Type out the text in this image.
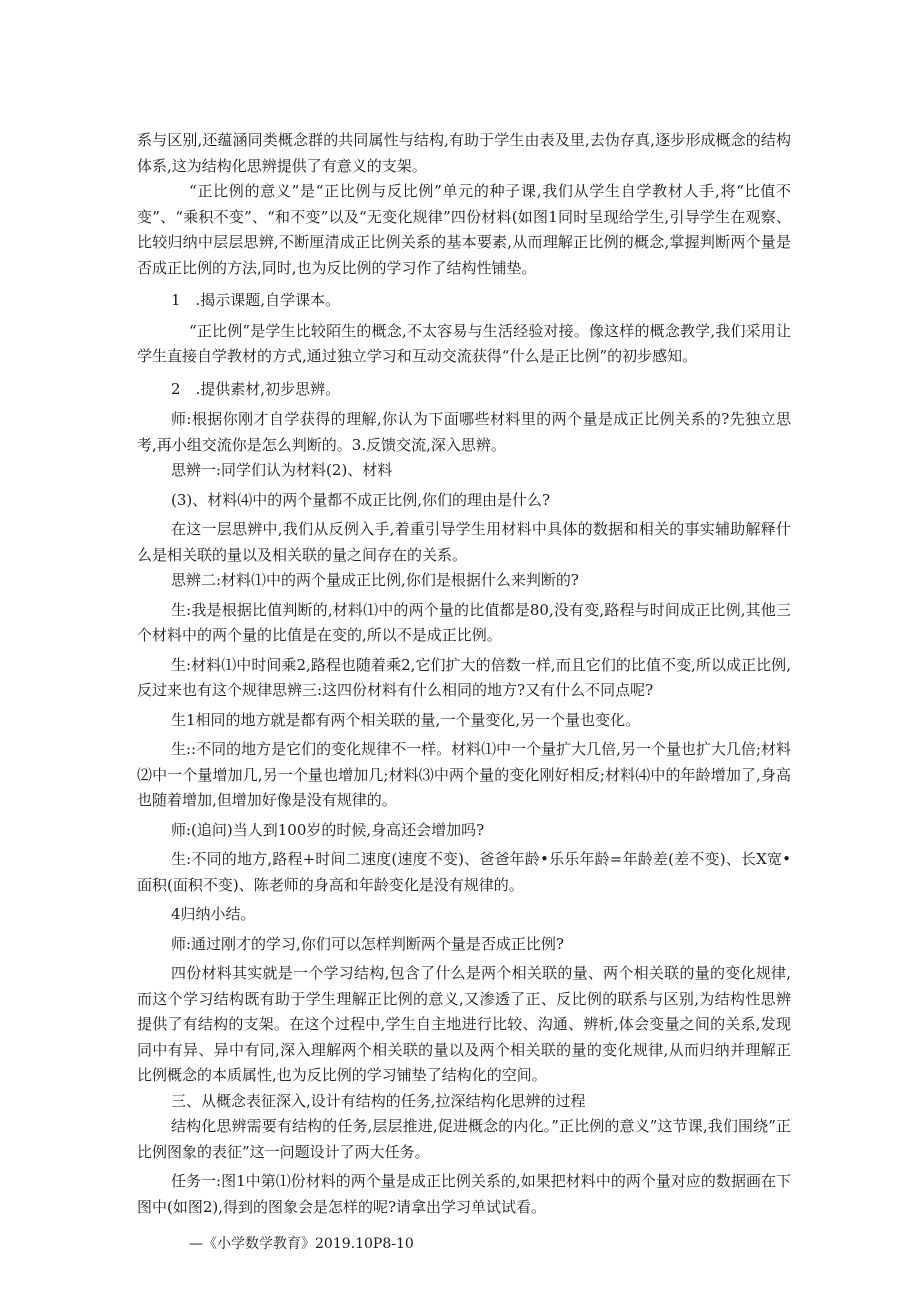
系与区别,还蕴涵同类概念群的共同属性与结构,有助于学生由表及里,去伪存真,逐步形成概念的结构体系,这为结构化思辨提供了有意义的支架。

“正比例的意义”是“正比例与反比例”单元的种子课,我们从学生自学教材人手,将“比值不变”、“乘积不变”、“和不变”以及“无变化规律”四份材料(如图1同时呈现给学生,引导学生在观察、比较归纳中层层思辨,不断厘清成正比例关系的基本要素,从而理解正比例的概念,掌握判断两个量是否成正比例的方法,同时,也为反比例的学习作了结构性铺垫。

1　.揭示课题,自学课本。

“正比例”是学生比较陌生的概念,不太容易与生活经验对接。像这样的概念教学,我们采用让学生直接自学教材的方式,通过独立学习和互动交流获得“什么是正比例”的初步感知。

2　.提供素材,初步思辨。

师:根据你刚才自学获得的理解,你认为下面哪些材料里的两个量是成正比例关系的?先独立思考,再小组交流你是怎么判断的。3.反馈交流,深入思辨。

思辨一:同学们认为材料(2)、材料

(3)、材料⑷中的两个量都不成正比例,你们的理由是什么?

在这一层思辨中,我们从反例入手,着重引导学生用材料中具体的数据和相关的事实辅助解释什么是相关联的量以及相关联的量之间存在的关系。

思辨二:材料⑴中的两个量成正比例,你们是根据什么来判断的?

生:我是根据比值判断的,材料⑴中的两个量的比值都是80,没有变,路程与时间成正比例,其他三个材料中的两个量的比值是在变的,所以不是成正比例。

生:材料⑴中时间乘2,路程也随着乘2,它们扩大的倍数一样,而且它们的比值不变,所以成正比例,反过来也有这个规律思辨三:这四份材料有什么相同的地方?又有什么不同点呢?

生1相同的地方就是都有两个相关联的量,一个量变化,另一个量也变化。

生::不同的地方是它们的变化规律不一样。材料⑴中一个量扩大几倍,另一个量也扩大几倍;材料⑵中一个量增加几,另一个量也增加几;材料⑶中两个量的变化刚好相反;材料⑷中的年龄增加了,身高也随着增加,但增加好像是没有规律的。

师:(追问)当人到100岁的时候,身高还会增加吗?

生:不同的地方,路程+时间二速度(速度不变)、爸爸年龄•乐乐年龄=年龄差(差不变)、长X宽•面积(面积不变)、陈老师的身高和年龄变化是没有规律的。

4归纳小结。

师:通过刚才的学习,你们可以怎样判断两个量是否成正比例?

四份材料其实就是一个学习结构,包含了什么是两个相关联的量、两个相关联的量的变化规律,而这个学习结构既有助于学生理解正比例的意义,又渗透了正、反比例的联系与区别,为结构性思辨提供了有结构的支架。在这个过程中,学生自主地进行比较、沟通、辨析,体会变量之间的关系,发现同中有异、异中有同,深入理解两个相关联的量以及两个相关联的量的变化规律,从而归纳并理解正比例概念的本质属性,也为反比例的学习铺垫了结构化的空间。

三、从概念表征深入,设计有结构的任务,拉深结构化思辨的过程

结构化思辨需要有结构的任务,层层推进,促进概念的内化。”正比例的意义”这节课,我们围绕”正比例图象的表征”这一问题设计了两大任务。

任务一:图1中第⑴份材料的两个量是成正比例关系的,如果把材料中的两个量对应的数据画在下图中(如图2),得到的图象会是怎样的呢?请拿出学习单试试看。

—《小学数学教育》2019.10P8-10
